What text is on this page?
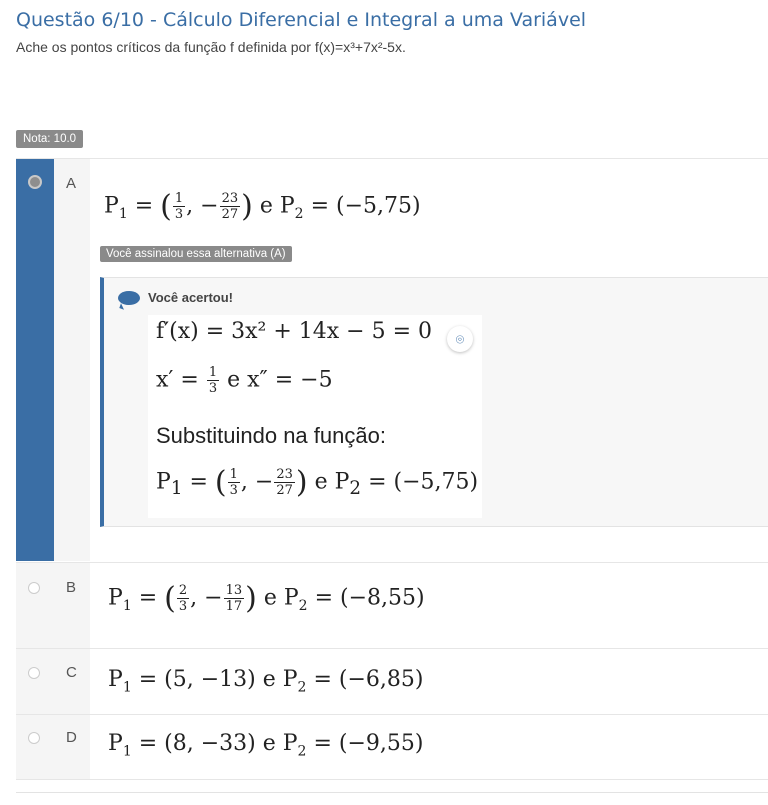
Questão 6/10 - Cálculo Diferencial e Integral a uma Variável
Ache os pontos críticos da função f definida por f(x)=x³+7x²-5x.
Nota: 10.0
A
$P_1$ = ( $\frac{1}{3}$ , − $\frac{23}{27}$ ) e $P_2 = (-5,75)$
Você assinalou essa alternativa (A)
Você acertou!
f′(x) = 3x² + 14x − 5 = 0
$x' = \frac{1}{3}$ e x″ = −5
Substituindo na função:
$P_1$ = ( $\frac{1}{3}$ , − $\frac{23}{27}$ ) e $P_2 = (-5,75)$
⌾
B $P_1$ = ( $\frac{2}{3}$ , − $\frac{13}{17}$ ) e $P_2 = (-8,55)$
C $P_1 = (5$, −13) e $P_2 = (-6,85)$
D $P_1 = (8$, −33) e $P_2 = (-9,55)$
